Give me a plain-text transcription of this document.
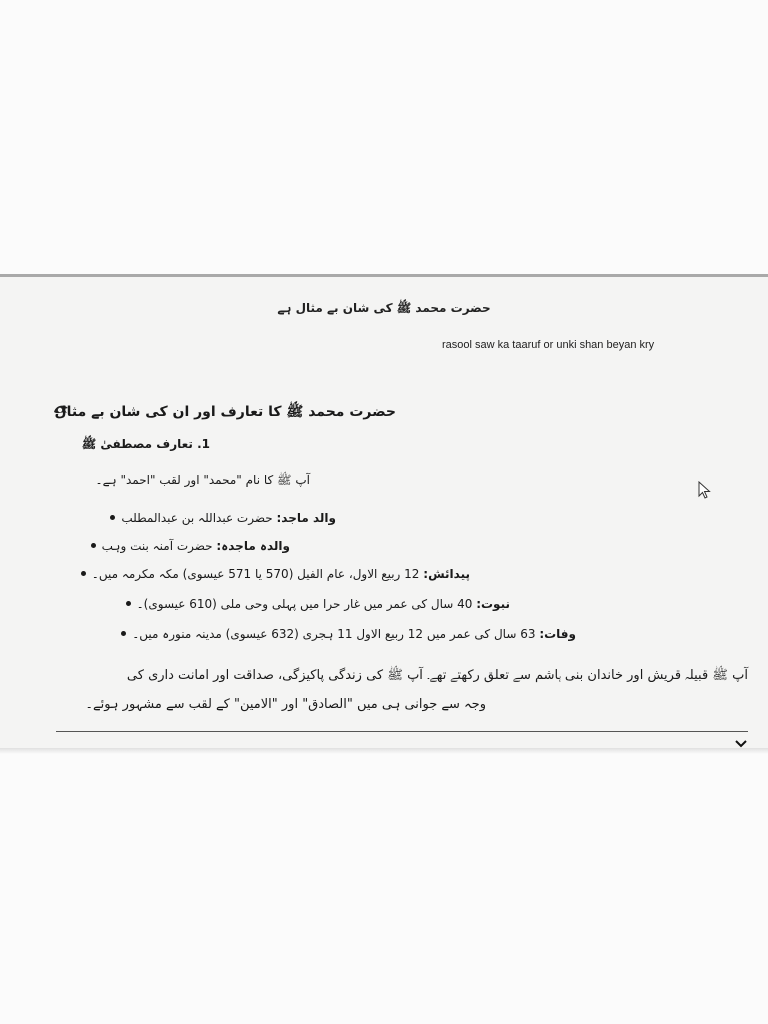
حضرت محمد ﷺ کی شان بے مثال ہے
rasool saw ka taaruf or unki shan beyan kry
حضرت محمد ﷺ کا تعارف اور ان کی شان بے مثال
1. تعارف مصطفیٰ ﷺ
آپ ﷺ کا نام "محمد" اور لقب "احمد" ہے۔
والد ماجد: حضرت عبداللہ بن عبدالمطلب
والدہ ماجدہ: حضرت آمنہ بنت وہب
پیدائش: 12 ربیع الاول، عام الفیل (570 یا 571 عیسوی) مکہ مکرمہ میں۔
نبوت: 40 سال کی عمر میں غار حرا میں پہلی وحی ملی (610 عیسوی)۔
وفات: 63 سال کی عمر میں 12 ربیع الاول 11 ہجری (632 عیسوی) مدینہ منورہ میں۔
آپ ﷺ قبیلہ قریش اور خاندان بنی ہاشم سے تعلق رکھتے تھے۔ آپ ﷺ کی زندگی پاکیزگی، صداقت اور امانت داری کی
وجہ سے جوانی ہی میں "الصادق" اور "الامین" کے لقب سے مشہور ہوئے۔
